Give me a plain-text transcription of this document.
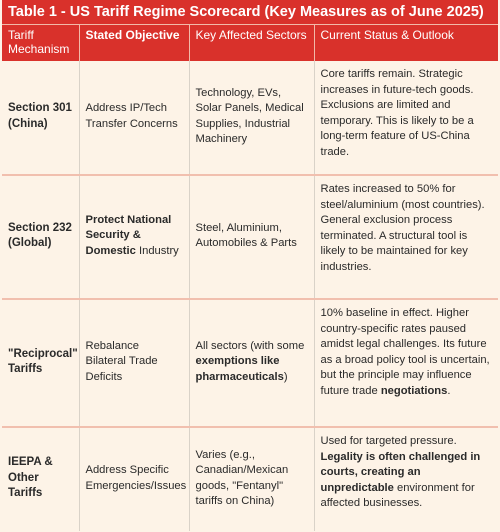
Table 1 - US Tariff Regime Scorecard (Key Measures as of June 2025)
Tariff Mechanism	Stated Objective	Key Affected Sectors	Current Status & Outlook
Section 301 (China)	Address IP/Tech Transfer Concerns	Technology, EVs, Solar Panels, Medical Supplies, Industrial Machinery	Core tariffs remain. Strategic increases in future-tech goods. Exclusions are limited and temporary. This is likely to be a long-term feature of US-China trade.
Section 232 (Global)	Protect National Security & Domestic Industry	Steel, Aluminium, Automobiles & Parts	Rates increased to 50% for steel/aluminium (most countries). General exclusion process terminated. A structural tool is likely to be maintained for key industries.
"Reciprocal" Tariffs	Rebalance Bilateral Trade Deficits	All sectors (with some exemptions like pharmaceuticals)	10% baseline in effect. Higher country-specific rates paused amidst legal challenges. Its future as a broad policy tool is uncertain, but the principle may influence future trade negotiations.
IEEPA & Other Tariffs	Address Specific Emergencies/Issues	Varies (e.g., Canadian/Mexican goods, "Fentanyl" tariffs on China)	Used for targeted pressure. Legality is often challenged in courts, creating an unpredictable environment for affected businesses.
